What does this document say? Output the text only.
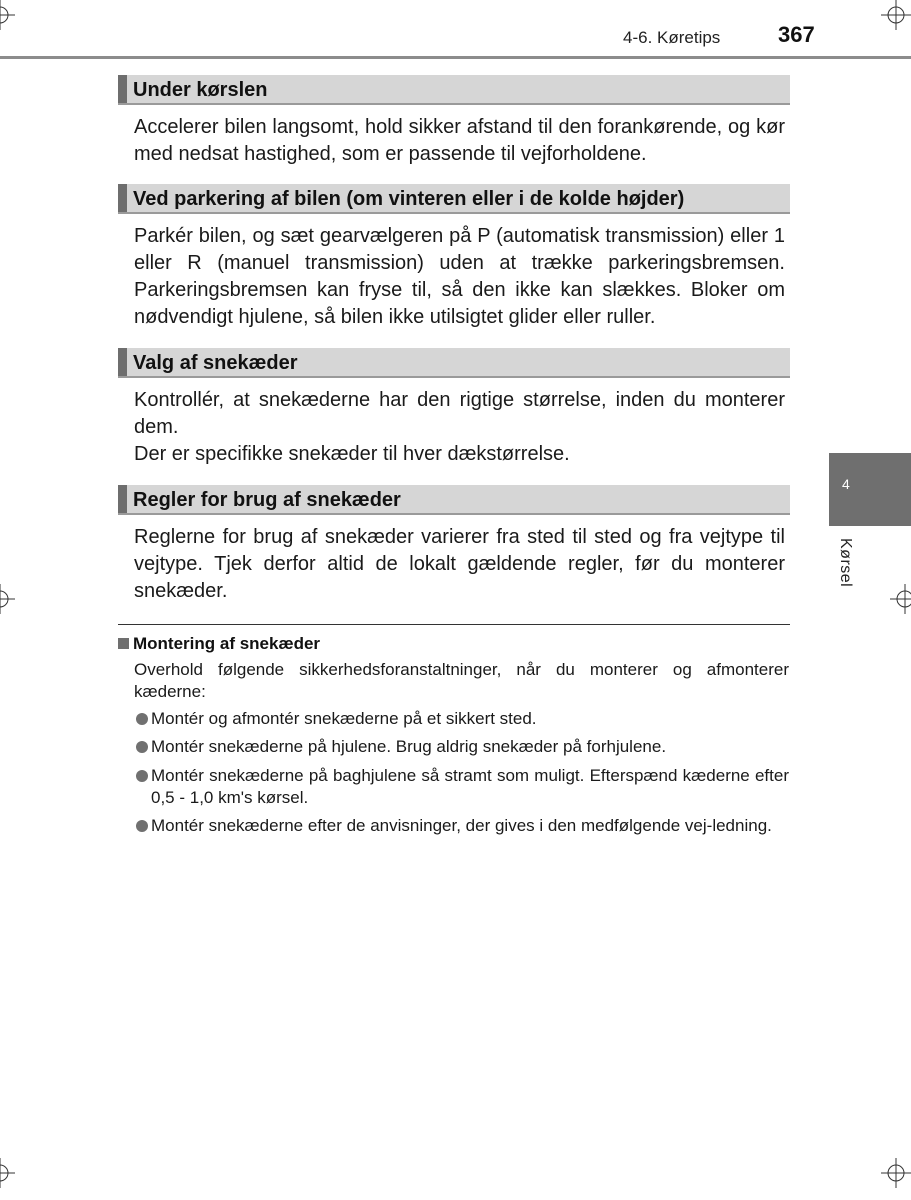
4-6. Køretips	367
4
Kørsel
Under kørslen

Accelerer bilen langsomt, hold sikker afstand til den forankørende, og kør med nedsat hastighed, som er passende til vejforholdene.

Ved parkering af bilen (om vinteren eller i de kolde højder)

Parkér bilen, og sæt gearvælgeren på P (automatisk transmission) eller 1 eller R (manuel transmission) uden at trække parkeringsbremsen. Parkeringsbremsen kan fryse til, så den ikke kan slækkes. Bloker om nødvendigt hjulene, så bilen ikke utilsigtet glider eller ruller.

Valg af snekæder

Kontrollér, at snekæderne har den rigtige størrelse, inden du monterer dem.

Der er specifikke snekæder til hver dækstørrelse.

Regler for brug af snekæder

Reglerne for brug af snekæder varierer fra sted til sted og fra vejtype til vejtype. Tjek derfor altid de lokalt gældende regler, før du monterer snekæder.

Montering af snekæder
Overhold følgende sikkerhedsforanstaltninger, når du monterer og afmonterer kæderne:
Montér og afmontér snekæderne på et sikkert sted.
Montér snekæderne på hjulene. Brug aldrig snekæder på forhjulene.
Montér snekæderne på baghjulene så stramt som muligt. Efterspænd kæderne efter 0,5 - 1,0 km's kørsel.
Montér snekæderne efter de anvisninger, der gives i den medfølgende vej-ledning.
